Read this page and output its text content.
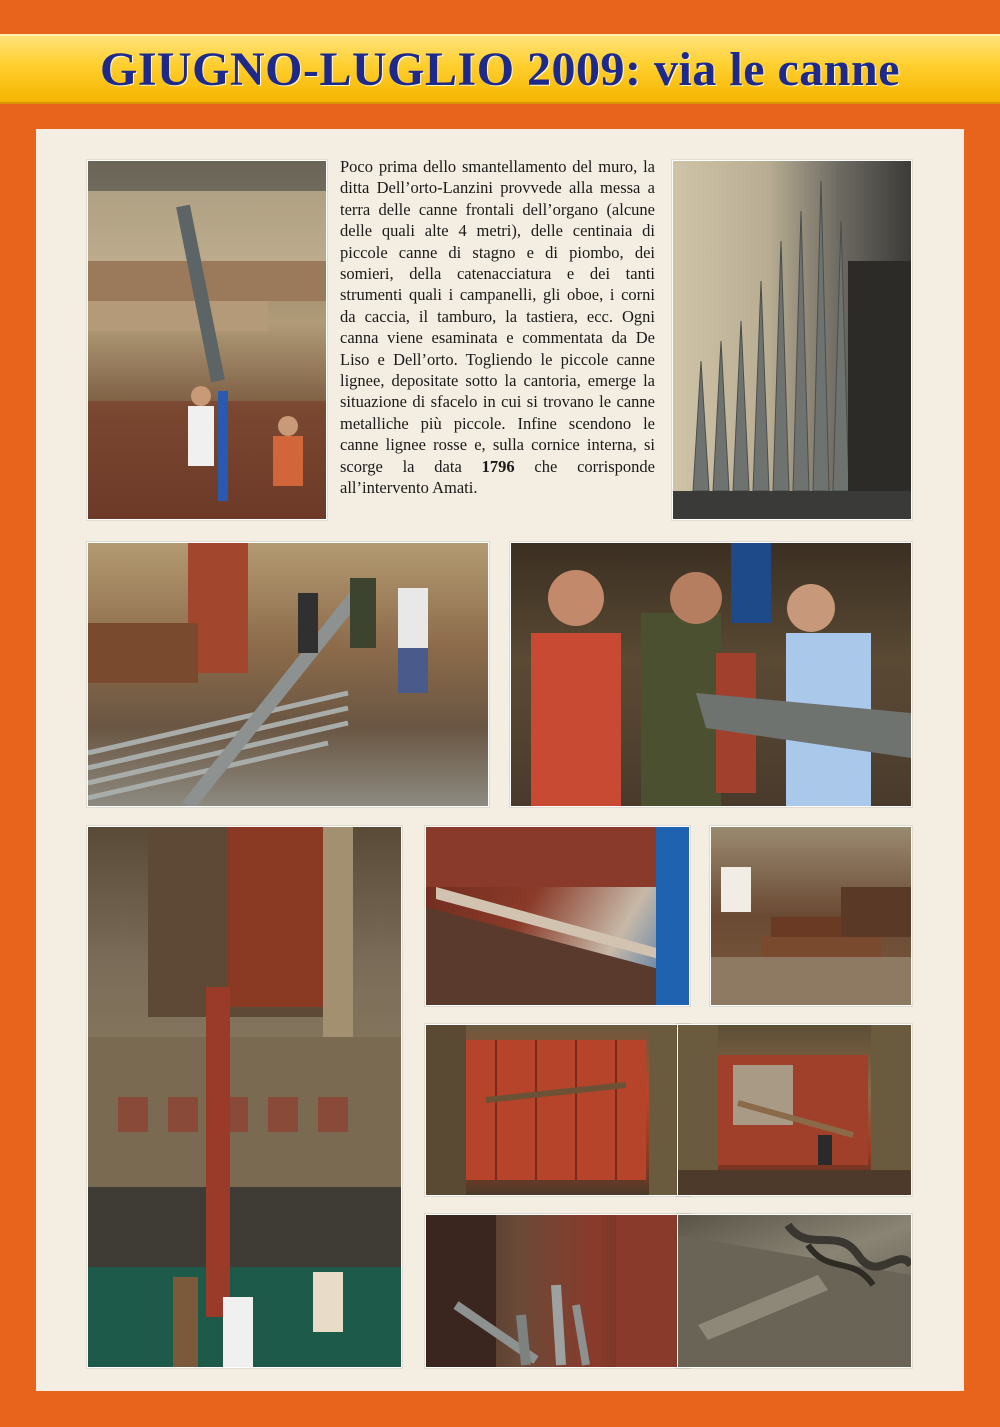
GIUGNO-LUGLIO 2009: via le canne

Poco prima dello smantellamento del muro, la ditta Dell’orto-Lanzini provvede alla messa a terra delle canne frontali dell’organo (alcune delle quali alte 4 metri), delle centinaia di piccole canne di stagno e di piombo, dei somieri, della catenacciatura e dei tanti strumenti quali i campanelli, gli oboe, i corni da caccia, il tamburo, la tastiera, ecc. Ogni canna viene esaminata e commentata da De Liso e Dell’orto. Togliendo le piccole canne lignee, depositate sotto la cantoria, emerge la situazione di sfacelo in cui si trovano le canne metalliche più piccole. Infine scendono le canne lignee rosse e, sulla cornice interna, si scorge la data 1796 che corrisponde all’intervento Amati.
